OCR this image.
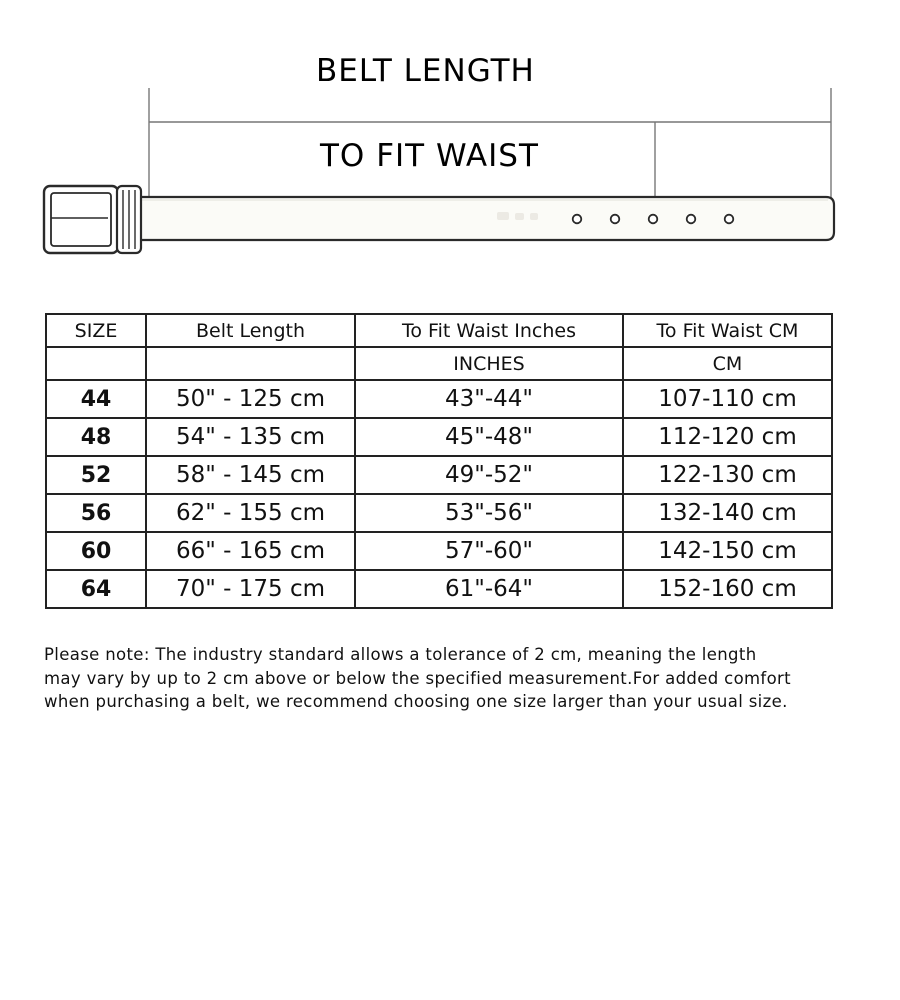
BELT LENGTH
TO FIT WAIST
SIZE	Belt Length	To Fit Waist Inches	To Fit Waist CM
		INCHES	CM
44	50" - 125 cm	43"-44"	107-110 cm
48	54" - 135 cm	45"-48"	112-120 cm
52	58" - 145 cm	49"-52"	122-130 cm
56	62" - 155 cm	53"-56"	132-140 cm
60	66" - 165 cm	57"-60"	142-150 cm
64	70" - 175 cm	61"-64"	152-160 cm
Please note: The industry standard allows a tolerance of 2 cm, meaning the length
may vary by up to 2 cm above or below the specified measurement.For added comfort
when purchasing a belt, we recommend choosing one size larger than your usual size.
